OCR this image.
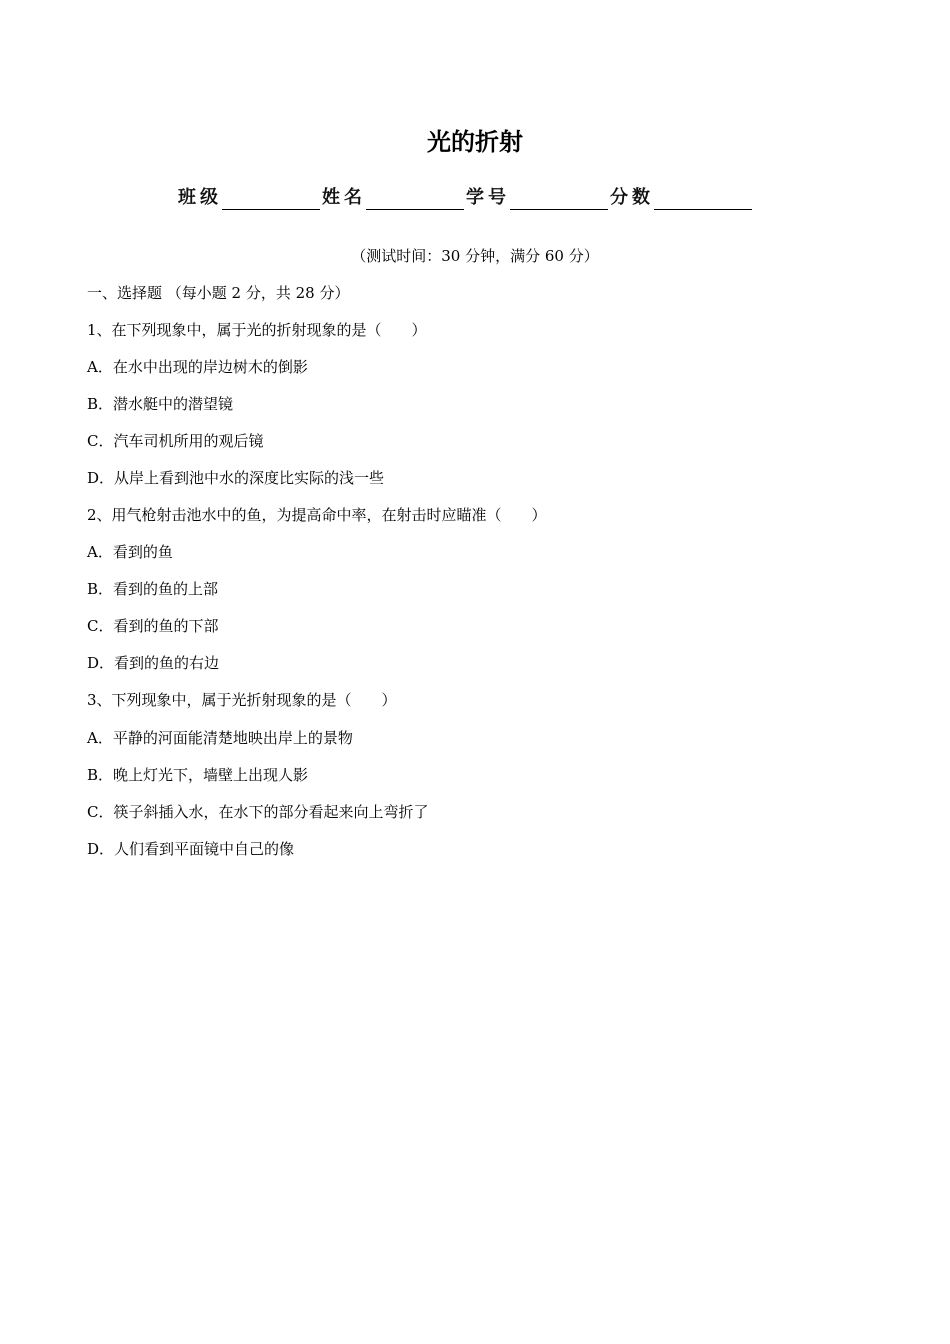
光的折射
班级	姓名	学号	分数
（测试时间：30 分钟，满分 60 分）
一、选择题 （每小题 2 分，共 28 分）
1、在下列现象中，属于光的折射现象的是（　　）
A．在水中出现的岸边树木的倒影
B．潜水艇中的潜望镜
C．汽车司机所用的观后镜
D．从岸上看到池中水的深度比实际的浅一些
2、用气枪射击池水中的鱼，为提高命中率，在射击时应瞄准（　　）
A．看到的鱼
B．看到的鱼的上部
C．看到的鱼的下部
D．看到的鱼的右边
3、下列现象中，属于光折射现象的是（　　）
A．平静的河面能清楚地映出岸上的景物
B．晚上灯光下，墙壁上出现人影
C．筷子斜插入水，在水下的部分看起来向上弯折了
D．人们看到平面镜中自己的像
